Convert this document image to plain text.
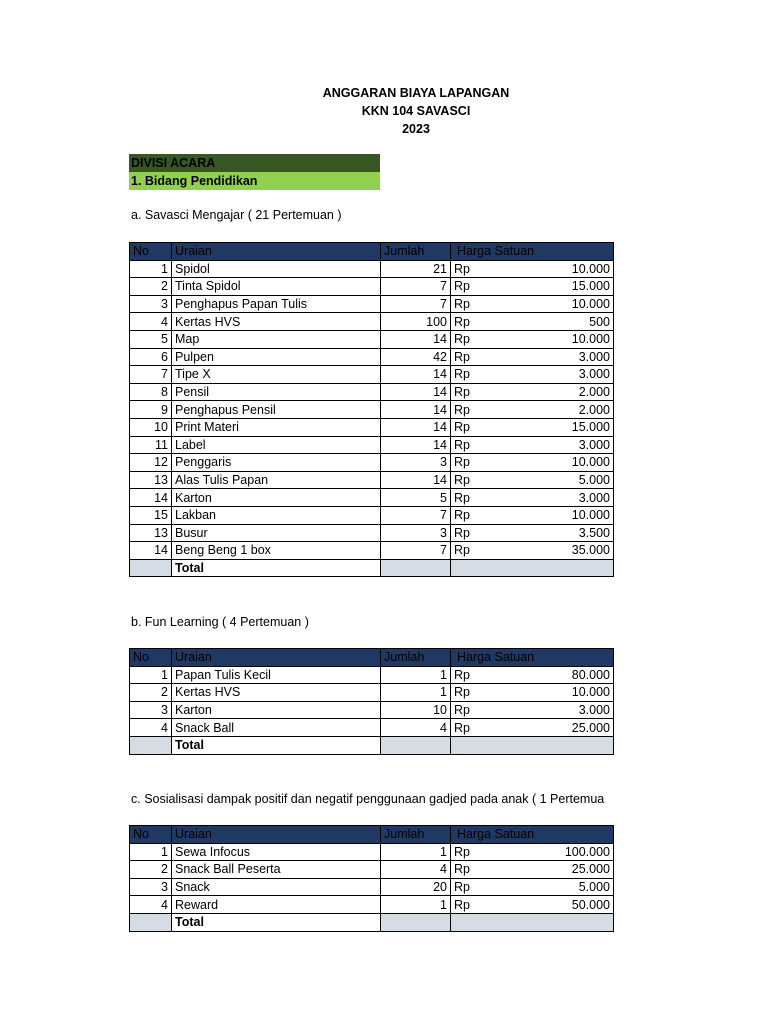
ANGGARAN BIAYA LAPANGAN
KKN 104 SAVASCI
2023
DIVISI ACARA
1. Bidang Pendidikan
a. Savasci Mengajar ( 21 Pertemuan )
No	Uraian	Jumlah	Harga Satuan
1	Spidol	21	Rp 10.000

2	Tinta Spidol	7	Rp 15.000

3	Penghapus Papan Tulis	7	Rp 10.000

4	Kertas HVS	100	Rp 500

5	Map	14	Rp 10.000

6	Pulpen	42	Rp 3.000

7	Tipe X	14	Rp 3.000

8	Pensil	14	Rp 2.000

9	Penghapus Pensil	14	Rp 2.000

10	Print Materi	14	Rp 15.000

11	Label	14	Rp 3.000

12	Penggaris	3	Rp 10.000

13	Alas Tulis Papan	14	Rp 5.000

14	Karton	5	Rp 3.000

15	Lakban	7	Rp 10.000

13	Busur	3	Rp 3.500

14	Beng Beng 1 box	7	Rp 35.000

	Total		
b. Fun Learning ( 4 Pertemuan )
No	Uraian	Jumlah	Harga Satuan
1	Papan Tulis Kecil	1	Rp 80.000

2	Kertas HVS	1	Rp 10.000

3	Karton	10	Rp 3.000

4	Snack Ball	4	Rp 25.000

	Total		
c. Sosialisasi dampak positif dan negatif penggunaan gadjed pada anak ( 1 Pertemua
No	Uraian	Jumlah	Harga Satuan
1	Sewa Infocus	1	Rp 100.000

2	Snack Ball Peserta	4	Rp 25.000

3	Snack	20	Rp 5.000

4	Reward	1	Rp 50.000

	Total		
